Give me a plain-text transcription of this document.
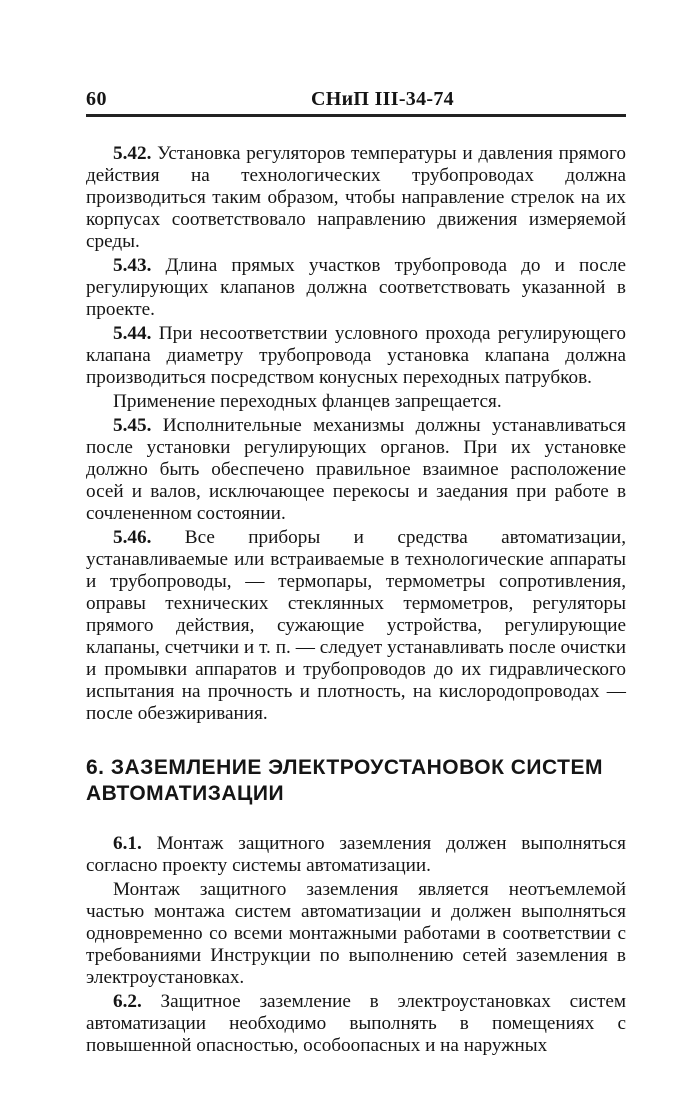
60	СНиП III-34-74

5.42. Установка регуляторов температуры и давления прямого действия на технологических трубопроводах должна производиться таким образом, чтобы направление стрелок на их корпусах соответствовало направлению движения измеряемой среды.

5.43. Длина прямых участков трубопровода до и после регулирующих клапанов должна соответствовать указанной в проекте.

5.44. При несоответствии условного прохода регулирующего клапана диаметру трубопровода установка клапана должна производиться посредством конусных переходных патрубков.

Применение переходных фланцев запрещается.

5.45. Исполнительные механизмы должны устанавливаться после установки регулирующих органов. При их установке должно быть обеспечено правильное взаимное расположение осей и валов, исключающее перекосы и заедания при работе в сочлененном состоянии.

5.46. Все приборы и средства автоматизации, устанавливаемые или встраиваемые в технологические аппараты и трубопроводы, — термопары, термометры сопротивления, оправы технических стеклянных термометров, регуляторы прямого действия, сужающие устройства, регулирующие клапаны, счетчики и т. п. — следует устанавливать после очистки и промывки аппаратов и трубопроводов до их гидравлического испытания на прочность и плотность, на кислородопроводах — после обезжиривания.

6. ЗАЗЕМЛЕНИЕ ЭЛЕКТРОУСТАНОВОК СИСТЕМ АВТОМАТИЗАЦИИ

6.1. Монтаж защитного заземления должен выполняться согласно проекту системы автоматизации.

Монтаж защитного заземления является неотъемлемой частью монтажа систем автоматизации и должен выполняться одновременно со всеми монтажными работами в соответствии с требованиями Инструкции по выполнению сетей заземления в электроустановках.

6.2. Защитное заземление в электроустановках систем автоматизации необходимо выполнять в помещениях с повышенной опасностью, особоопасных и на наружных
